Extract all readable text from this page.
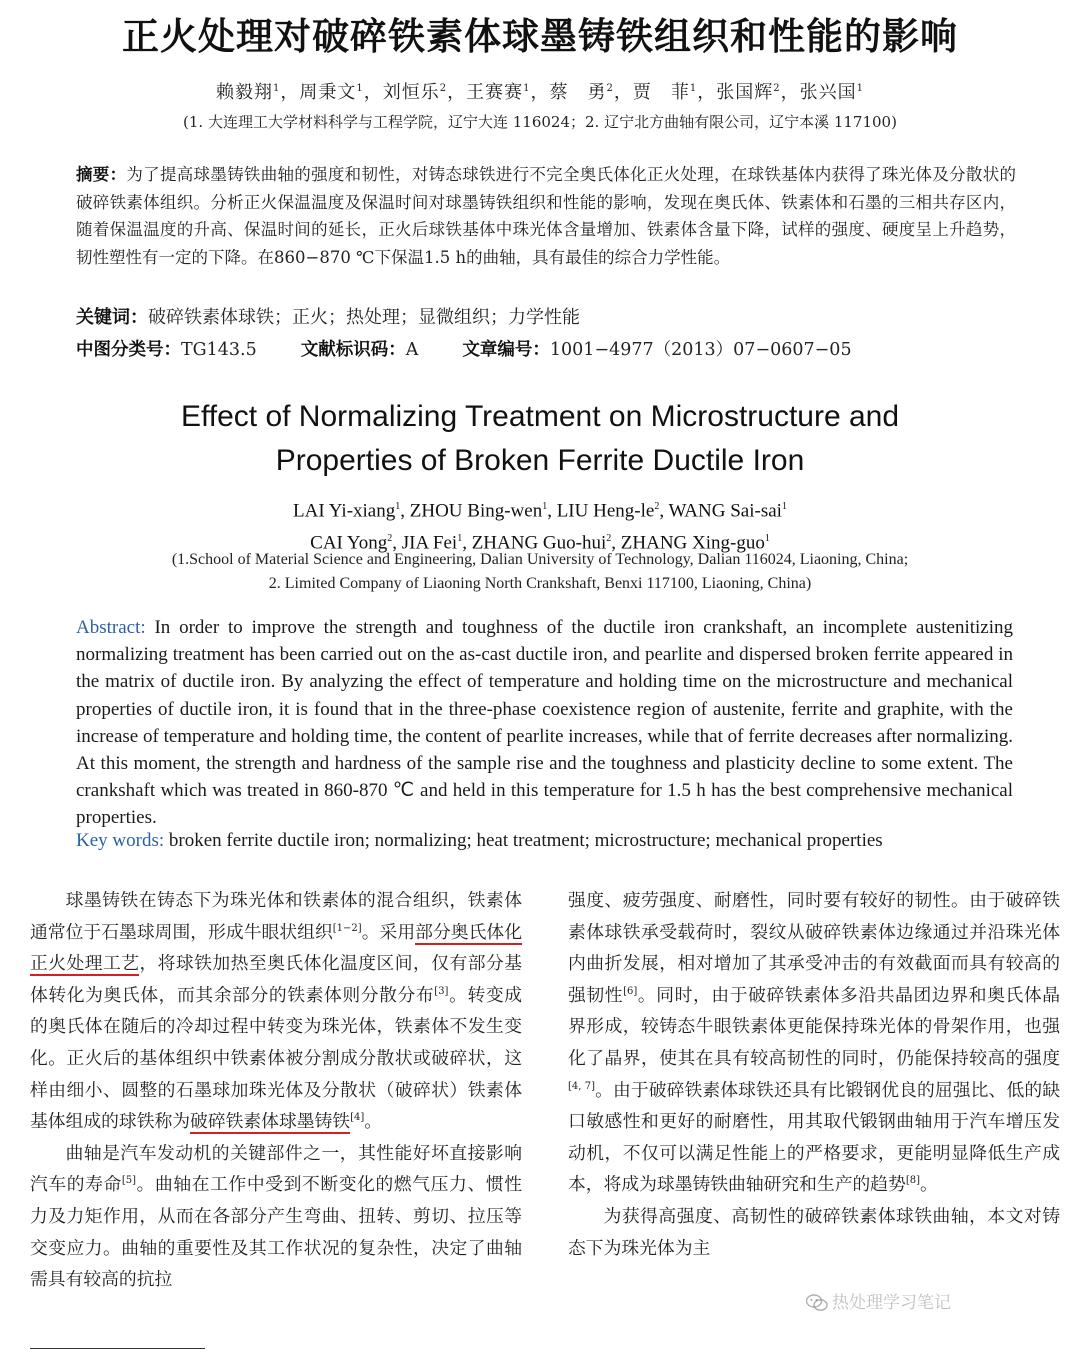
正火处理对破碎铁素体球墨铸铁组织和性能的影响
赖毅翔$^1$，周秉文$^1$，刘恒乐$^2$，王赛赛$^1$，蔡　勇$^2$，贾　菲$^1$，张国辉$^2$，张兴国$^1$
(1. 大连理工大学材料科学与工程学院，辽宁大连 116024；2. 辽宁北方曲轴有限公司，辽宁本溪 117100)
摘要：为了提高球墨铸铁曲轴的强度和韧性，对铸态球铁进行不完全奥氏体化正火处理，在球铁基体内获得了珠光体及分散状的破碎铁素体组织。分析正火保温温度及保温时间对球墨铸铁组织和性能的影响，发现在奥氏体、铁素体和石墨的三相共存区内，随着保温温度的升高、保温时间的延长，正火后球铁基体中珠光体含量增加、铁素体含量下降，试样的强度、硬度呈上升趋势，韧性塑性有一定的下降。在860−870 ℃下保温1.5 h的曲轴，具有最佳的综合力学性能。
关键词：破碎铁素体球铁；正火；热处理；显微组织；力学性能
中图分类号：TG143.5	文献标识码：A	文章编号：1001−4977（2013）07−0607−05
Effect of Normalizing Treatment on Microstructure and
Properties of Broken Ferrite Ductile Iron
LAI Yi-xiang$^1$, ZHOU Bing-wen$^1$, LIU Heng-$le^2$, WANG Sai-sai$^1$
CAI Yong$^2$, JIA Fei$^1$, ZHANG Guo-hui$^2$, ZHANG Xing-guo$^1$
(1.School of Material Science and Engineering, Dalian University of Technology, Dalian 116024, Liaoning, China;
2. Limited Company of Liaoning North Crankshaft, Benxi 117100, Liaoning, China)
Abstract: In order to improve the strength and toughness of the ductile iron crankshaft, an incomplete austenitizing normalizing treatment has been carried out on the as-cast ductile iron, and pearlite and dispersed broken ferrite appeared in the matrix of ductile iron. By analyzing the effect of temperature and holding time on the microstructure and mechanical properties of ductile iron, it is found that in the three-phase coexistence region of austenite, ferrite and graphite, with the increase of temperature and holding time, the content of pearlite increases, while that of ferrite decreases after normalizing. At this moment, the strength and hardness of the sample rise and the toughness and plasticity decline to some extent. The crankshaft which was treated in 860-870 ℃ and held in this temperature for 1.5 h has the best comprehensive mechanical properties.
Key words: broken ferrite ductile iron; normalizing; heat treatment; microstructure; mechanical properties

球墨铸铁在铸态下为珠光体和铁素体的混合组织，铁素体通常位于石墨球周围，形成牛眼状组织[1−2]。采用部分奥氏体化正火处理工艺，将球铁加热至奥氏体化温度区间，仅有部分基体转化为奥氏体，而其余部分的铁素体则分散分布[3]。转变成的奥氏体在随后的冷却过程中转变为珠光体，铁素体不发生变化。正火后的基体组织中铁素体被分割成分散状或破碎状，这样由细小、圆整的石墨球加珠光体及分散状（破碎状）铁素体基体组成的球铁称为破碎铁素体球墨铸铁[4]。

曲轴是汽车发动机的关键部件之一，其性能好坏直接影响汽车的寿命[5]。曲轴在工作中受到不断变化的燃气压力、惯性力及力矩作用，从而在各部分产生弯曲、扭转、剪切、拉压等交变应力。曲轴的重要性及其工作状况的复杂性，决定了曲轴需具有较高的抗拉

强度、疲劳强度、耐磨性，同时要有较好的韧性。由于破碎铁素体球铁承受载荷时，裂纹从破碎铁素体边缘通过并沿珠光体内曲折发展，相对增加了其承受冲击的有效截面而具有较高的强韧性[6]。同时，由于破碎铁素体多沿共晶团边界和奥氏体晶界形成，较铸态牛眼铁素体更能保持珠光体的骨架作用，也强化了晶界，使其在具有较高韧性的同时，仍能保持较高的强度[4, 7]。由于破碎铁素体球铁还具有比锻钢优良的屈强比、低的缺口敏感性和更好的耐磨性，用其取代锻钢曲轴用于汽车增压发动机，不仅可以满足性能上的严格要求，更能明显降低生产成本，将成为球墨铸铁曲轴研究和生产的趋势[8]。

为获得高强度、高韧性的破碎铁素体球铁曲轴，本文对铸态下为珠光体为主

热处理学习笔记
